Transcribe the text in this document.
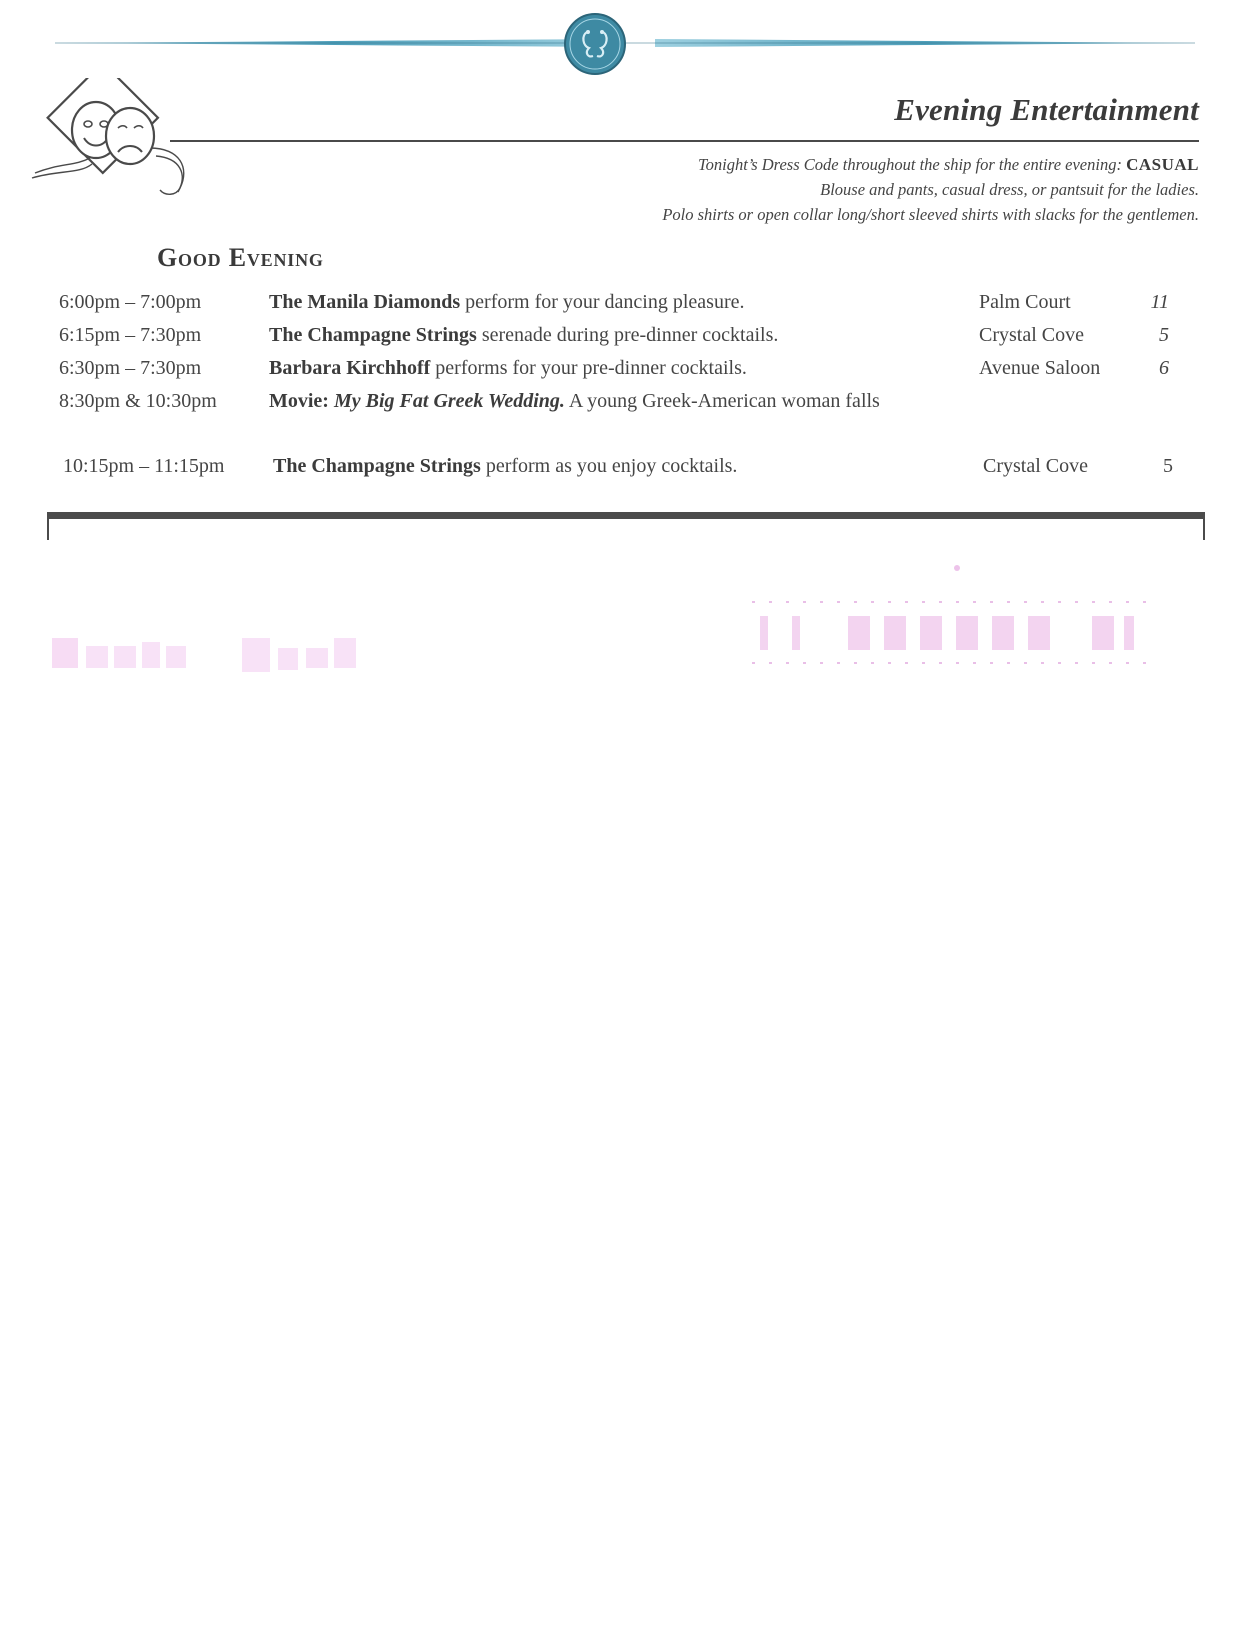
Evening Entertainment
Tonight’s Dress Code throughout the ship for the entire evening: CASUAL
Blouse and pants, casual dress, or pantsuit for the ladies.
Polo shirts or open collar long/short sleeved shirts with slacks for the gentlemen.
Good Evening
6:00pm – 7:00pm	The Manila Diamonds perform for your dancing pleasure.	Palm Court	11
6:15pm – 7:30pm	The Champagne Strings serenade during pre-dinner cocktails.	Crystal Cove	5
6:30pm – 7:30pm	Barbara Kirchhoff performs for your pre-dinner cocktails.	Avenue Saloon	6
8:30pm & 10:30pm	Movie: My Big Fat Greek Wedding. A young Greek-American woman falls
10:15pm – 11:15pm The Champagne Strings perform as you enjoy cocktails.	Crystal Cove	5
